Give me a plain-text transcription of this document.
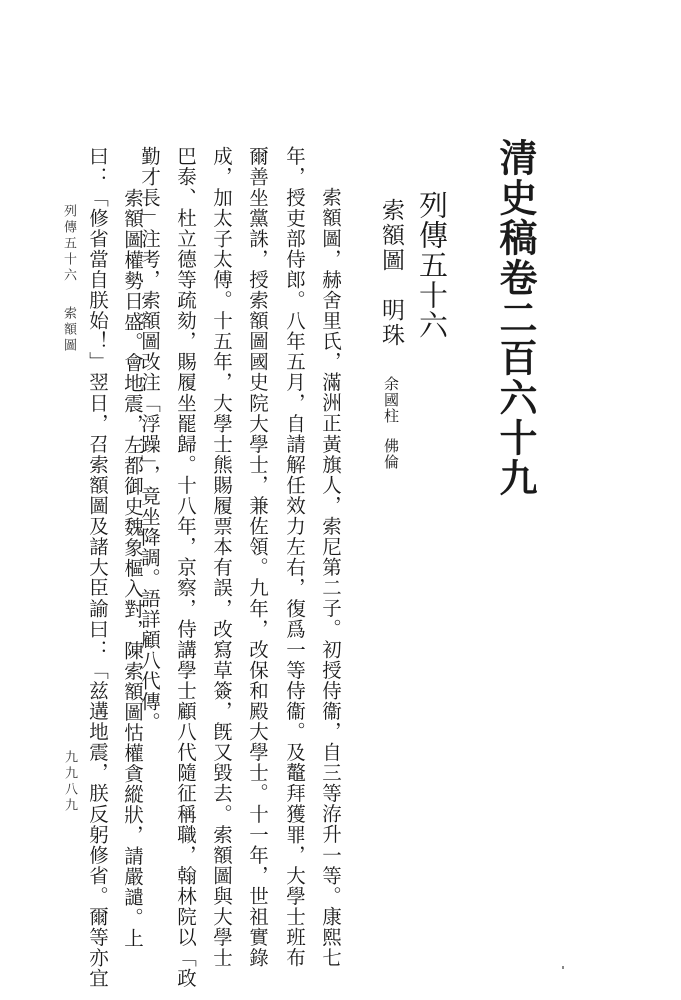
清史稿卷二百六十九
列傳五十六
索額圖　明珠余國柱佛倫
索額圖，赫舍里氏，滿洲正黃旗人，索尼第二子。初授侍衞，自三等洊升一等。康熙七
年，授吏部侍郎。八年五月，自請解任效力左右，復爲一等侍衞。及鼇拜獲罪，大學士班布
爾善坐黨誅，授索額圖國史院大學士，兼佐領。九年，改保和殿大學士。十一年，世祖實錄
成，加太子太傅。十五年，大學士熊賜履票本有誤，改寫草簽，旣又毀去。索額圖與大學士
巴泰、杜立德等疏劾，賜履坐罷歸。十八年，京察，侍講學士顧八代隨征稱職，翰林院以「政
勤才長」注考，索額圖改注「浮躁」，竟坐降調。語詳顧八代傳。
索額圖權勢日盛。會地震，左都御史魏象樞入對，陳索額圖怙權貪縱狀，請嚴譴。上
曰：「修省當自朕始！」翌日，召索額圖及諸大臣諭曰：「兹遘地震，朕反躬修省。爾等亦宜
列傳五十六索額圖
九九八九
